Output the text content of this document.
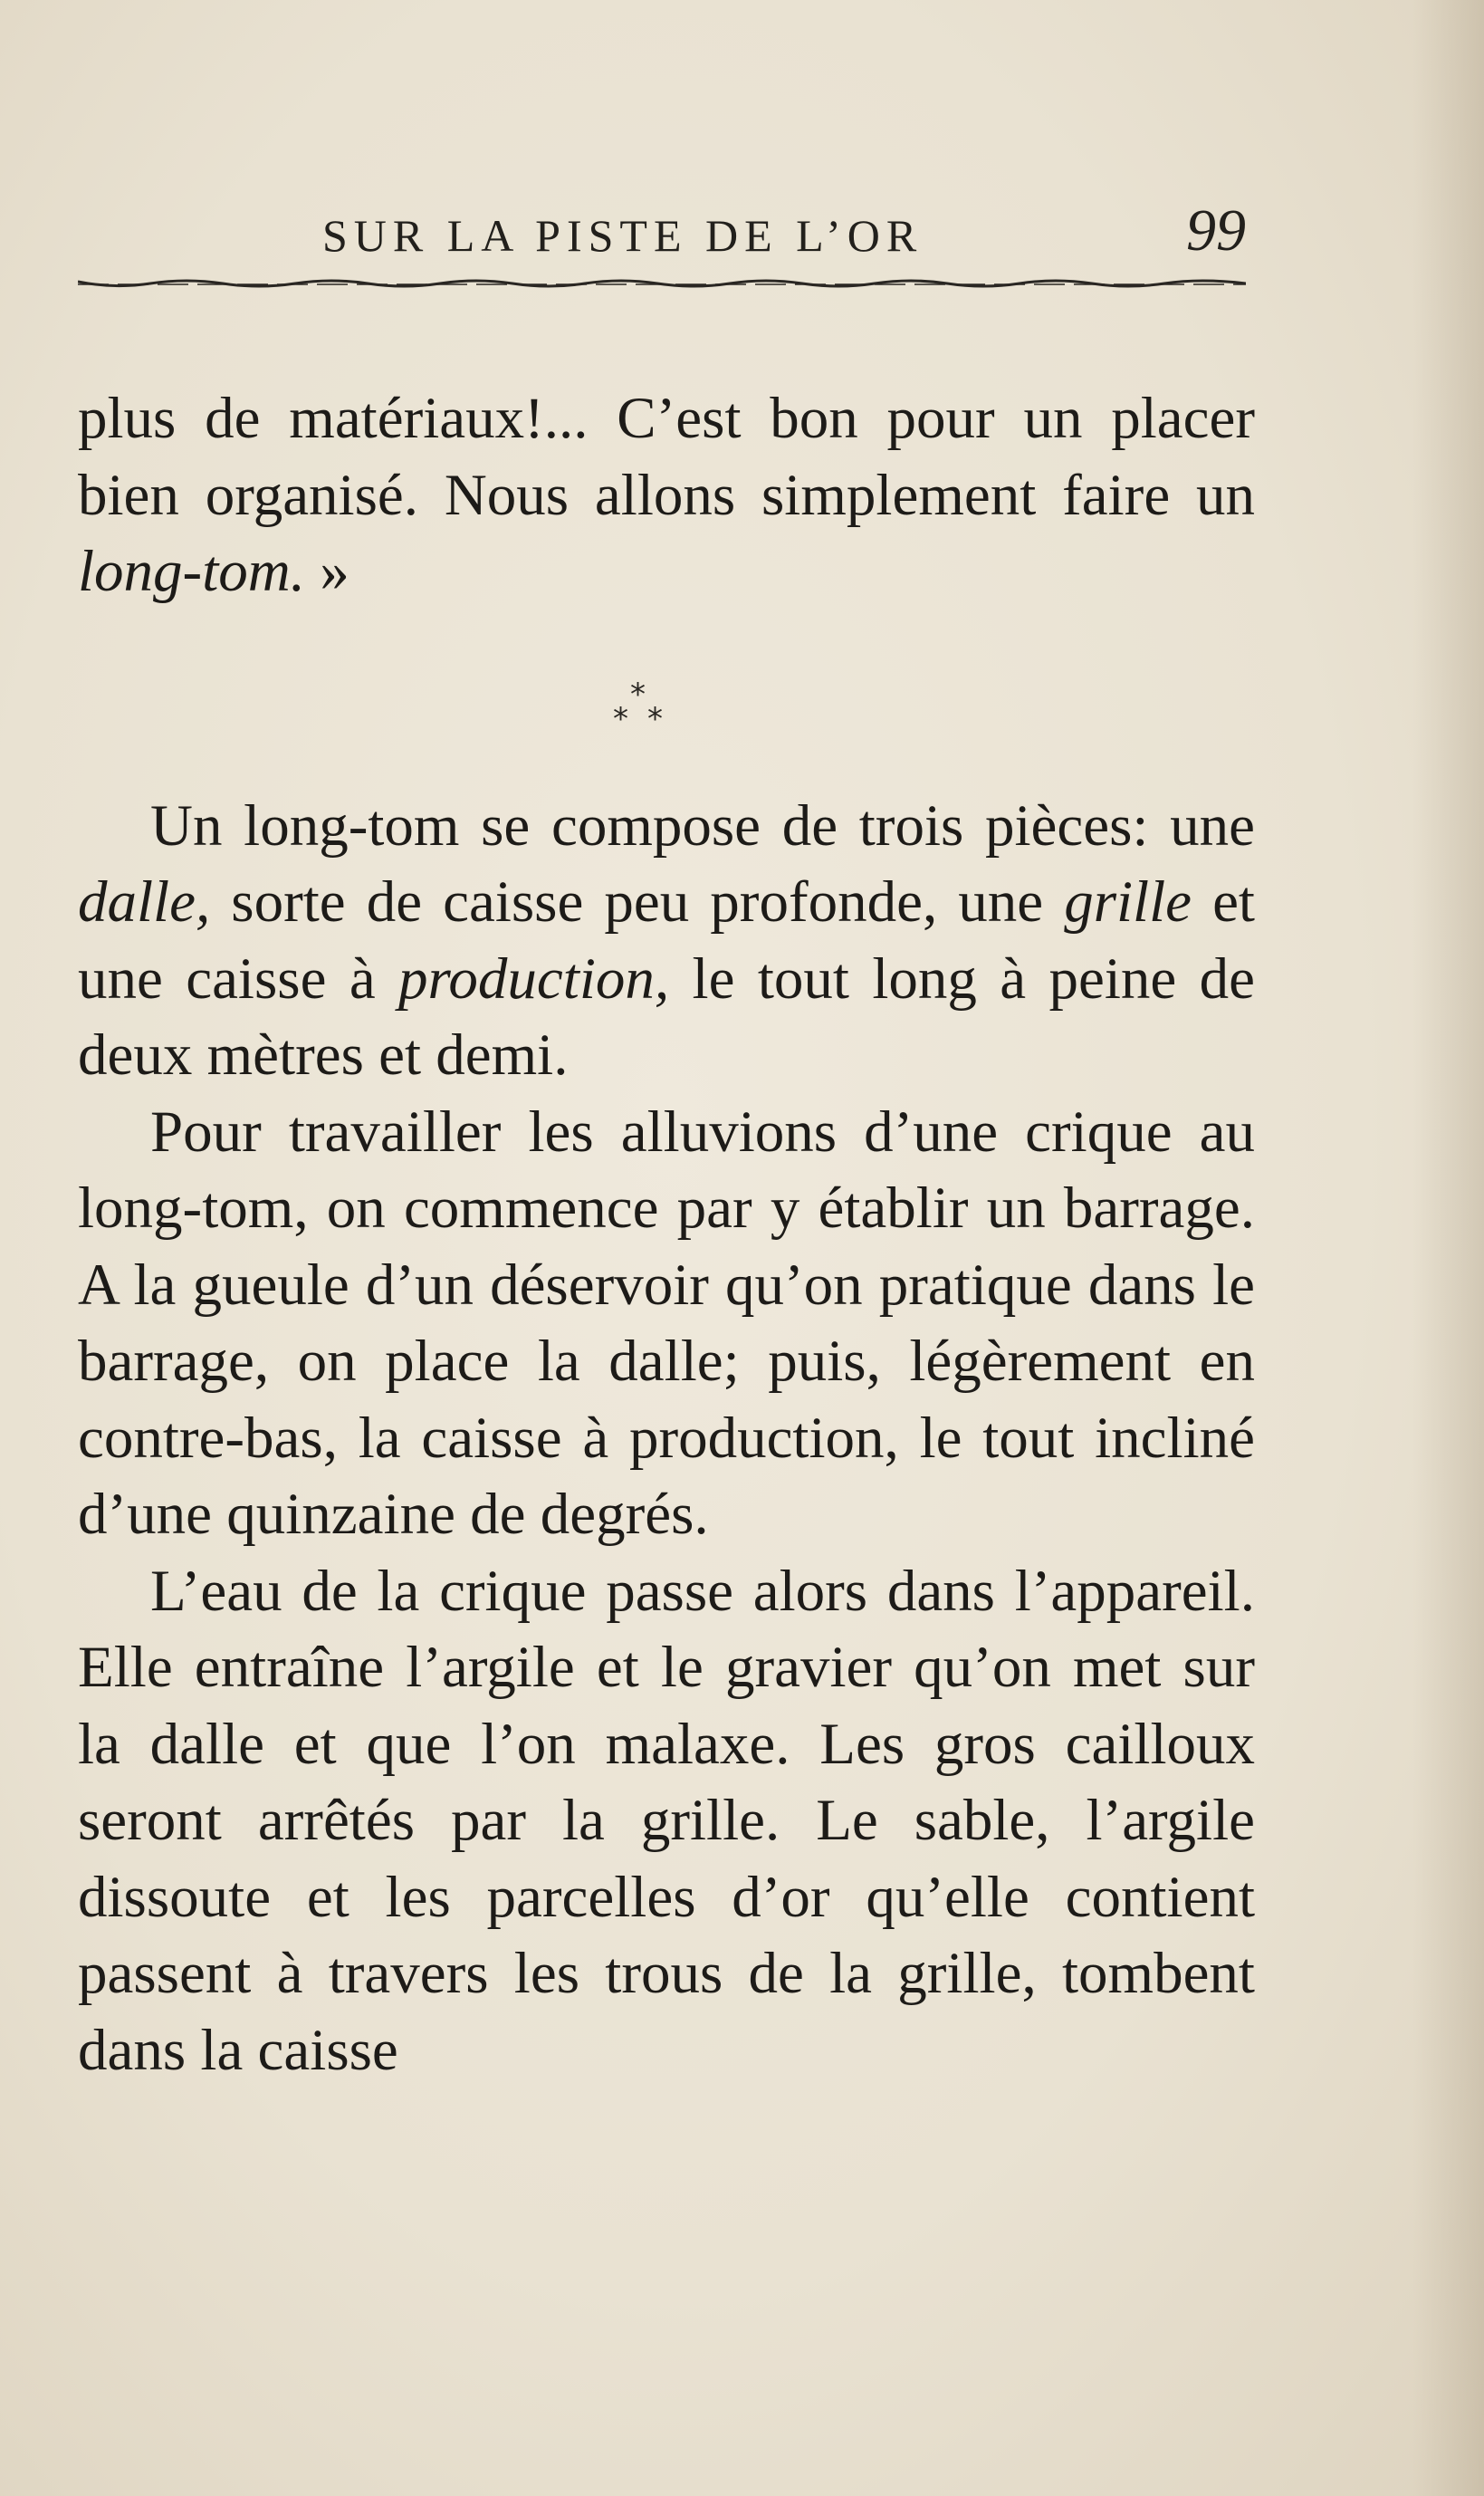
SUR LA PISTE DE L’OR	99

plus de matériaux!... C’est bon pour un placer bien organisé. Nous allons simplement faire un long-tom. »

*
* *

Un long-tom se compose de trois pièces: une dalle, sorte de caisse peu profonde, une grille et une caisse à production, le tout long à peine de deux mètres et demi.

Pour travailler les alluvions d’une crique au long-tom, on commence par y établir un barrage. A la gueule d’un déservoir qu’on pratique dans le barrage, on place la dalle; puis, légèrement en contre-bas, la caisse à production, le tout incliné d’une quinzaine de degrés.

L’eau de la crique passe alors dans l’appareil. Elle entraîne l’argile et le gravier qu’on met sur la dalle et que l’on malaxe. Les gros cailloux seront arrêtés par la grille. Le sable, l’argile dissoute et les parcelles d’or qu’elle contient passent à travers les trous de la grille, tombent dans la caisse
